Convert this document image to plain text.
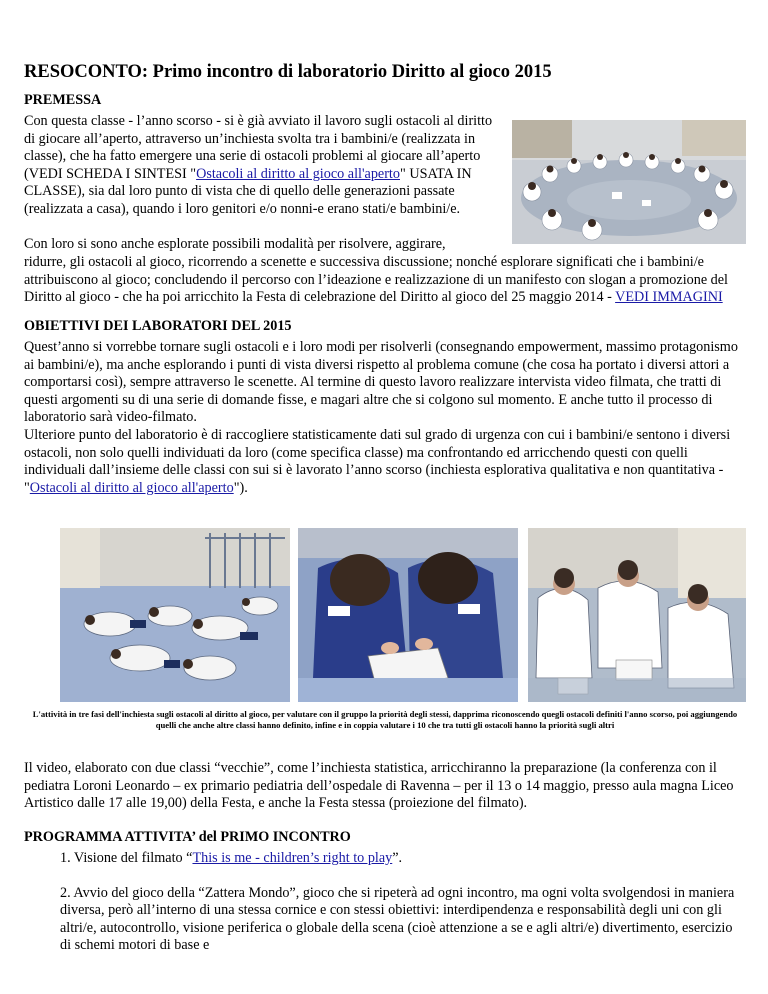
RESOCONTO: Primo incontro di laboratorio Diritto al gioco 2015
PREMESSA

Con questa classe - l’anno scorso - si è già avviato il lavoro sugli ostacoli al diritto di giocare all’aperto, attraverso un’inchiesta svolta tra i bambini/e (realizzata in classe), che ha fatto emergere una serie di ostacoli problemi al giocare all’aperto (VEDI SCHEDA I SINTESI "Ostacoli al diritto al gioco all'aperto" USATA IN CLASSE), sia dal loro punto di vista che di quello delle generazioni passate (realizzata a casa), quando i loro genitori e/o nonni-e erano stati/e bambini/e.

Con loro si sono anche esplorate possibili modalità per risolvere, aggirare,

ridurre, gli ostacoli al gioco, ricorrendo a scenette e successiva discussione; nonché esplorare significati che i bambini/e attribuiscono al gioco; concludendo il percorso con l’ideazione e realizzazione di un manifesto con slogan a promozione del Diritto al gioco - che ha poi arricchito la Festa di celebrazione del Diritto al gioco del 25 maggio 2014 - VEDI IMMAGINI

OBIETTIVI DEI LABORATORI DEL 2015

Quest’anno si vorrebbe tornare sugli ostacoli e i loro modi per risolverli (consegnando empowerment, massimo protagonismo ai bambini/e), ma anche esplorando i punti di vista diversi rispetto al problema comune (che cosa ha portato i diversi attori a comportarsi così), sempre attraverso le scenette. Al termine di questo lavoro realizzare intervista video filmata, che tratti di questi argomenti su di una serie di domande fisse, e magari altre che si colgono sul momento. E anche tutto il processo di laboratorio sarà video-filmato.

Ulteriore punto del laboratorio è di raccogliere statisticamente dati sul grado di urgenza con cui i bambini/e sentono i diversi ostacoli, non solo quelli individuati da loro (come specifica classe) ma confrontando ed arricchendo questi con quelli individuali dall’insieme delle classi con sui si è lavorato l’anno scorso (inchiesta esplorativa qualitativa e non quantitativa - "Ostacoli al diritto al gioco all'aperto").

L'attività in tre fasi dell'inchiesta sugli ostacoli al diritto al gioco, per valutare con il gruppo la priorità degli stessi, dapprima riconoscendo quegli ostacoli definiti l'anno scorso, poi aggiungendo quelli che anche altre classi hanno definito, infine e in coppia valutare i 10 che tra tutti gli ostacoli hanno la priorità sugli altri

Il video, elaborato con due classi “vecchie”, come l’inchiesta statistica, arricchiranno la preparazione (la conferenza con il pediatra Loroni Leonardo – ex primario pediatria dell’ospedale di Ravenna – per il 13 o 14 maggio, presso aula magna Liceo Artistico dalle 17 alle 19,00) della Festa, e anche la Festa stessa (proiezione del filmato).

PROGRAMMA ATTIVITA’ del PRIMO INCONTRO
1. Visione del filmato “This is me - children’s right to play”.
2. Avvio del gioco della “Zattera Mondo”, gioco che si ripeterà ad ogni incontro, ma ogni volta svolgendosi in maniera diversa, però all’interno di una stessa cornice e con stessi obiettivi: interdipendenza e responsabilità degli uni con gli altri/e, autocontrollo, visione periferica o globale della scena (cioè attenzione a se e agli altri/e) divertimento, esercizio di schemi motori di base e
